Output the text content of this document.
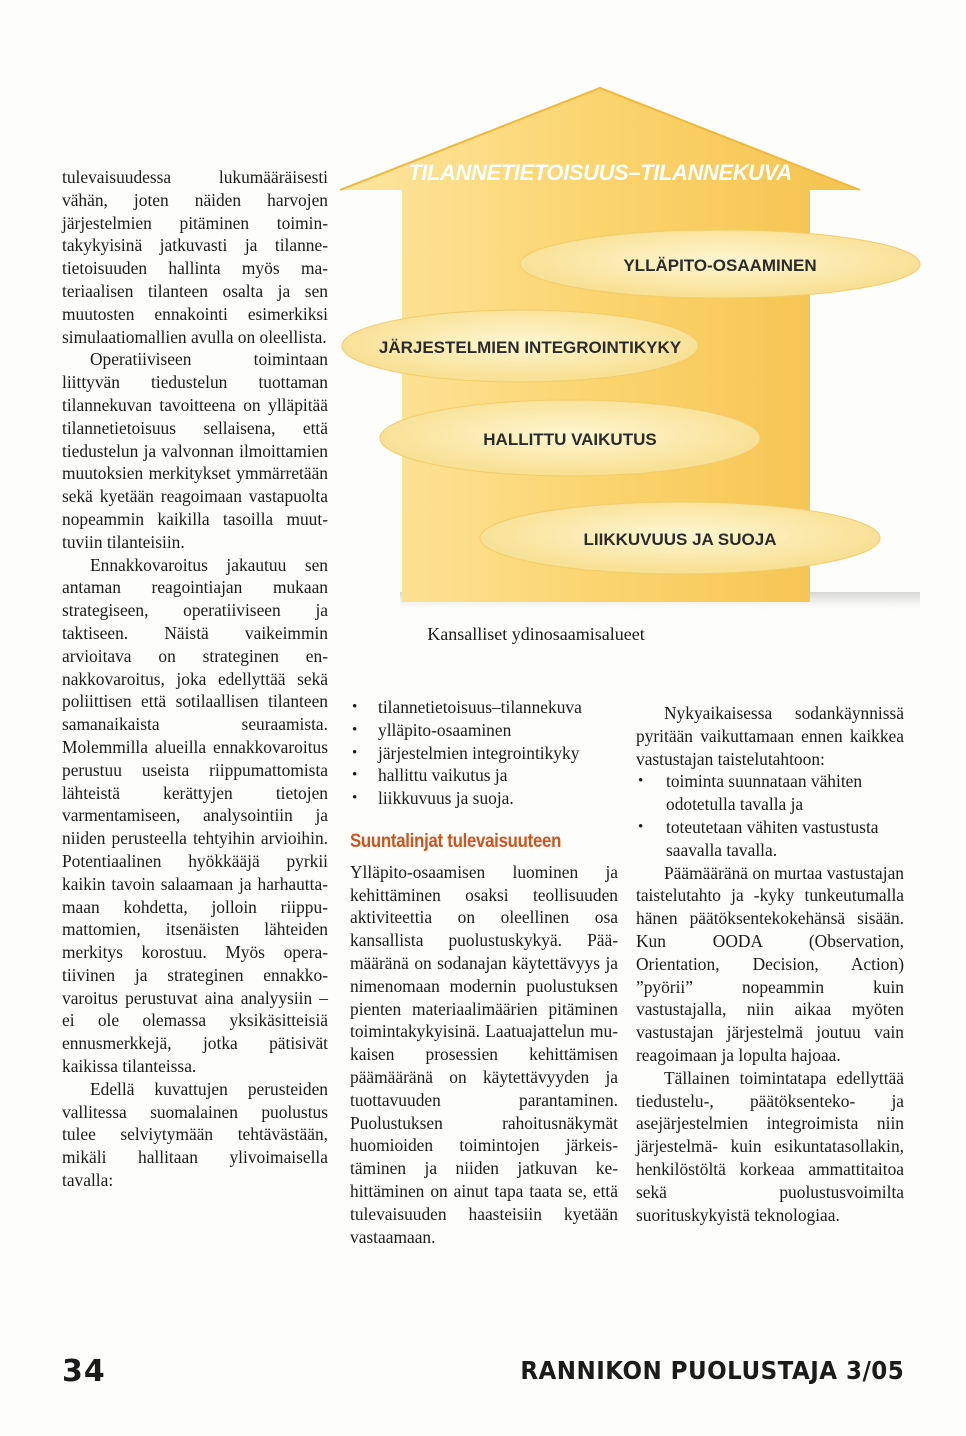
tulevaisuudessa lukumääräisesti vähän, joten näiden harvojen järjestelmien pitäminen toimintakykyisinä jatkuvasti ja tilannetietoisuuden hallinta myös materiaalisen tilanteen osalta ja sen muutosten ennakointi esimerkiksi simulaatiomallien avulla on oleellista.

Operatiiviseen toimintaan liittyvän tiedustelun tuottaman tilannekuvan tavoitteena on ylläpitää tilannetietoisuus sellaisena, että tiedustelun ja valvonnan ilmoittamien muutoksien merkitykset ymmärretään sekä kyetään reagoimaan vastapuolta nopeammin kaikilla tasoilla muuttuviin tilanteisiin.

Ennakkovaroitus jakautuu sen antaman reagointiajan mukaan strategiseen, operatiiviseen ja taktiseen. Näistä vaikeimmin arvioitava on strateginen ennakkovaroitus, joka edellyttää sekä poliittisen että sotilaallisen tilanteen samanaikaista seuraamista. Molemmilla alueilla ennakkovaroitus perustuu useista riippumattomista lähteistä kerättyjen tietojen varmentamiseen, analysointiin ja niiden perusteella tehtyihin arvioihin. Potentiaalinen hyökkääjä pyrkii kaikin tavoin salaamaan ja harhauttamaan kohdetta, jolloin riippumattomien, itsenäisten lähteiden merkitys korostuu. Myös operatiivinen ja strateginen ennakkovaroitus perustuvat aina analyysiin – ei ole olemassa yksikäsitteisiä ennusmerkkejä, jotka pätisivät kaikissa tilanteissa.

Edellä kuvattujen perusteiden vallitessa suomalainen puolustus tulee selviytymään tehtävästään, mikäli hallitaan ylivoimaisella tavalla:

TILANNETIETOISUUS–TILANNEKUVA
YLLÄPITO-OSAAMINEN
JÄRJESTELMIEN INTEGROINTIKYKY
HALLITTU VAIKUTUS
LIIKKUVUUS JA SUOJA
Kansalliset ydinosaamisalueet
• tilannetietoisuus–tilannekuva
• ylläpito-osaaminen
• järjestelmien integrointikyky
• hallittu vaikutus ja
• liikkuvuus ja suoja.
Suuntalinjat tulevaisuuteen

Ylläpito-osaamisen luominen ja kehittäminen osaksi teollisuuden aktiviteettia on oleellinen osa kansallista puolustuskykyä. Päämääränä on sodanajan käytettävyys ja nimenomaan modernin puolustuksen pienten materiaalimäärien pitäminen toimintakykyisinä. Laatuajattelun mukaisen prosessien kehittämisen päämääränä on käytettävyyden ja tuottavuuden parantaminen. Puolustuksen rahoitusnäkymät huomioiden toimintojen järkeistäminen ja niiden jatkuvan kehittäminen on ainut tapa taata se, että tulevaisuuden haasteisiin kyetään vastaamaan.

Nykyaikaisessa sodankäynnissä pyritään vaikuttamaan ennen kaikkea vastustajan taistelutahtoon:

• toiminta suunnataan vähiten odotetulla tavalla ja
• toteutetaan vähiten vastustusta saavalla tavalla.

Päämääränä on murtaa vastustajan taistelutahto ja -kyky tunkeutumalla hänen päätöksentekokehänsä sisään. Kun OODA (Observation, Orientation, Decision, Action) ”pyörii” nopeammin kuin vastustajalla, niin aikaa myöten vastustajan järjestelmä joutuu vain reagoimaan ja lopulta hajoaa.

Tällainen toimintatapa edellyttää tiedustelu-, päätöksenteko- ja asejärjestelmien integroimista niin järjestelmä- kuin esikuntatasollakin, henkilöstöltä korkeaa ammattitaitoa sekä puolustusvoimilta suorituskykyistä teknologiaa.

34	RANNIKON PUOLUSTAJA 3/05
